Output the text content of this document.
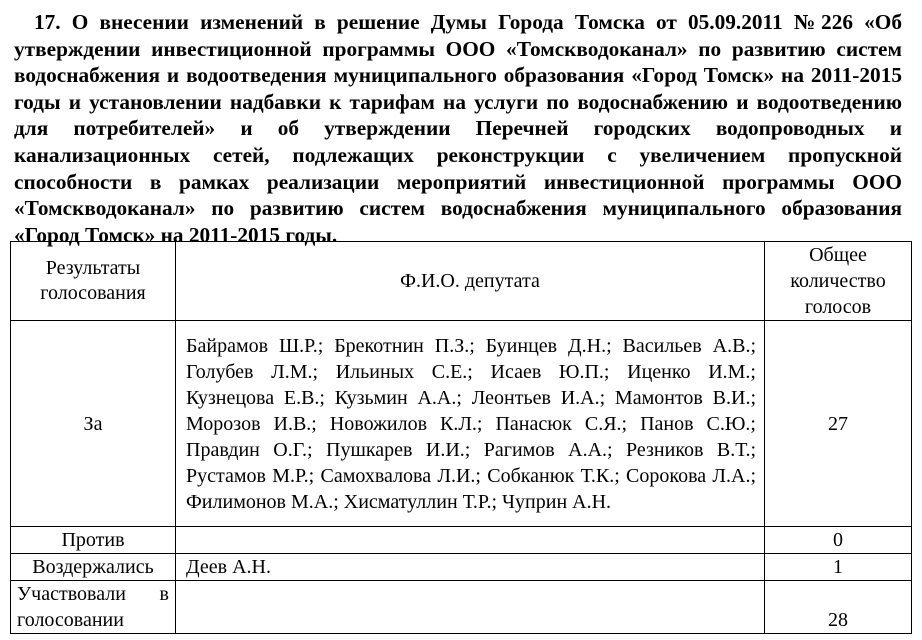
17. О внесении изменений в решение Думы Города Томска от 05.09.2011 №226 «Об утверждении инвестиционной программы ООО «Томскводоканал» по развитию систем водоснабжения и водоотведения муниципального образования «Город Томск» на 2011-2015 годы и установлении надбавки к тарифам на услуги по водоснабжению и водоотведению для потребителей» и об утверждении Перечней городских водопроводных и канализационных сетей, подлежащих реконструкции с увеличением пропускной способности в рамках реализации мероприятий инвестиционной программы ООО «Томскводоканал» по развитию систем водоснабжения муниципального образования «Город Томск» на 2011-2015 годы.

Результаты голосования	Ф.И.О. депутата	Общее количество голосов
За	Байрамов Ш.Р.; Брекотнин П.З.; Буинцев Д.Н.; Васильев А.В.; Голубев Л.М.; Ильиных С.Е.; Исаев Ю.П.; Иценко И.М.; Кузнецова Е.В.; Кузьмин А.А.; Леонтьев И.А.; Мамонтов В.И.; Морозов И.В.; Новожилов К.Л.; Панасюк С.Я.; Панов С.Ю.; Правдин О.Г.; Пушкарев И.И.; Рагимов А.А.; Резников В.Т.; Рустамов М.Р.; Самохвалова Л.И.; Собканюк Т.К.; Сорокова Л.А.; Филимонов М.А.; Хисматуллин Т.Р.; Чуприн А.Н.	27
Против		0
Воздержались	Деев А.Н.	1
Участвовали в голосовании		28
